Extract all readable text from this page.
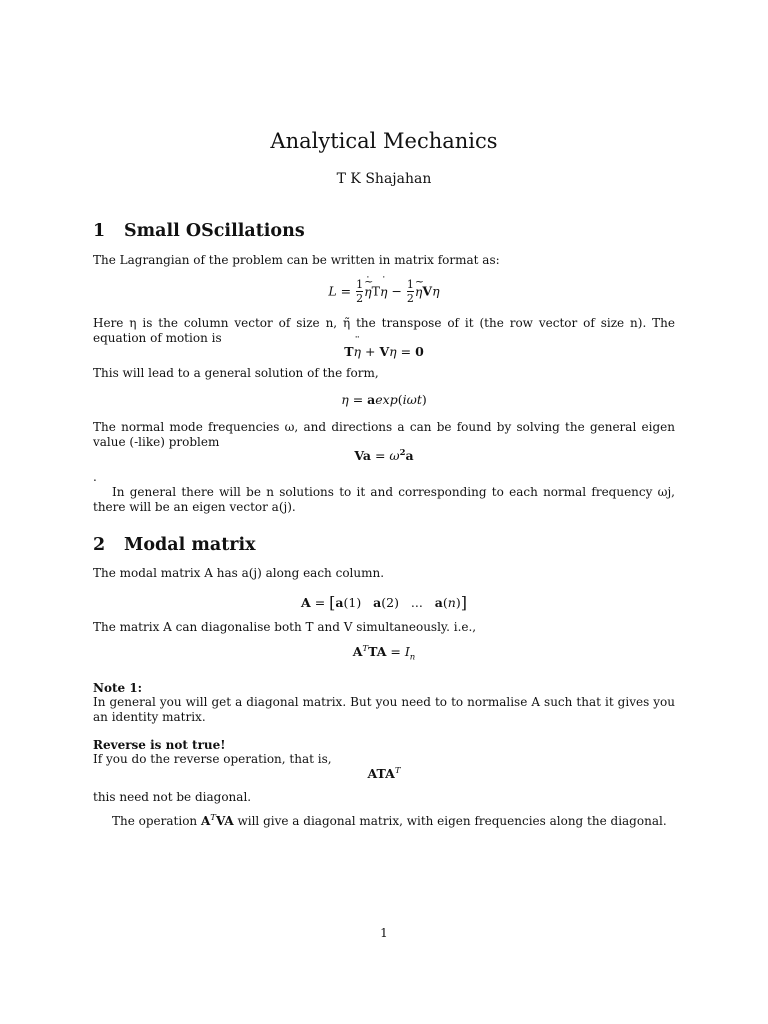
Analytical Mechanics
T K Shajahan
1 Small OScillations
The Lagrangian of the problem can be written in matrix format as:
$L = \frac{1}{2}$ ˙ ~ ηT˙ $\eta - \frac{1}{2}$ ~ ηVη
Here η is the column vector of size n, η̃ the transpose of it (the row vector of size n). The equation of motion is
T¨ η + Vη = 0
This will lead to a general solution of the form,
η = aexp(iωt)
The normal mode frequencies ω, and directions a can be found by solving the general eigen value (-like) problem
$Va = \omega^2a$
.
In general there will be n solutions to it and corresponding to each normal frequency ωj, there will be an eigen vector a(j).
2 Modal matrix
The modal matrix A has a(j) along each column.
A = [a(1)   a(2)   ...   a(n)]
The matrix A can diagonalise both T and V simultaneously. i.e.,
$A^TTA = I_n$
Note 1:
In general you will get a diagonal matrix. But you need to to normalise A such that it gives you an identity matrix.
Reverse is not true!
If you do the reverse operation, that is,
$ATA^T$
this need not be diagonal.
The operation $A^TVA$ will give a diagonal matrix, with eigen frequencies along the diagonal.
1
